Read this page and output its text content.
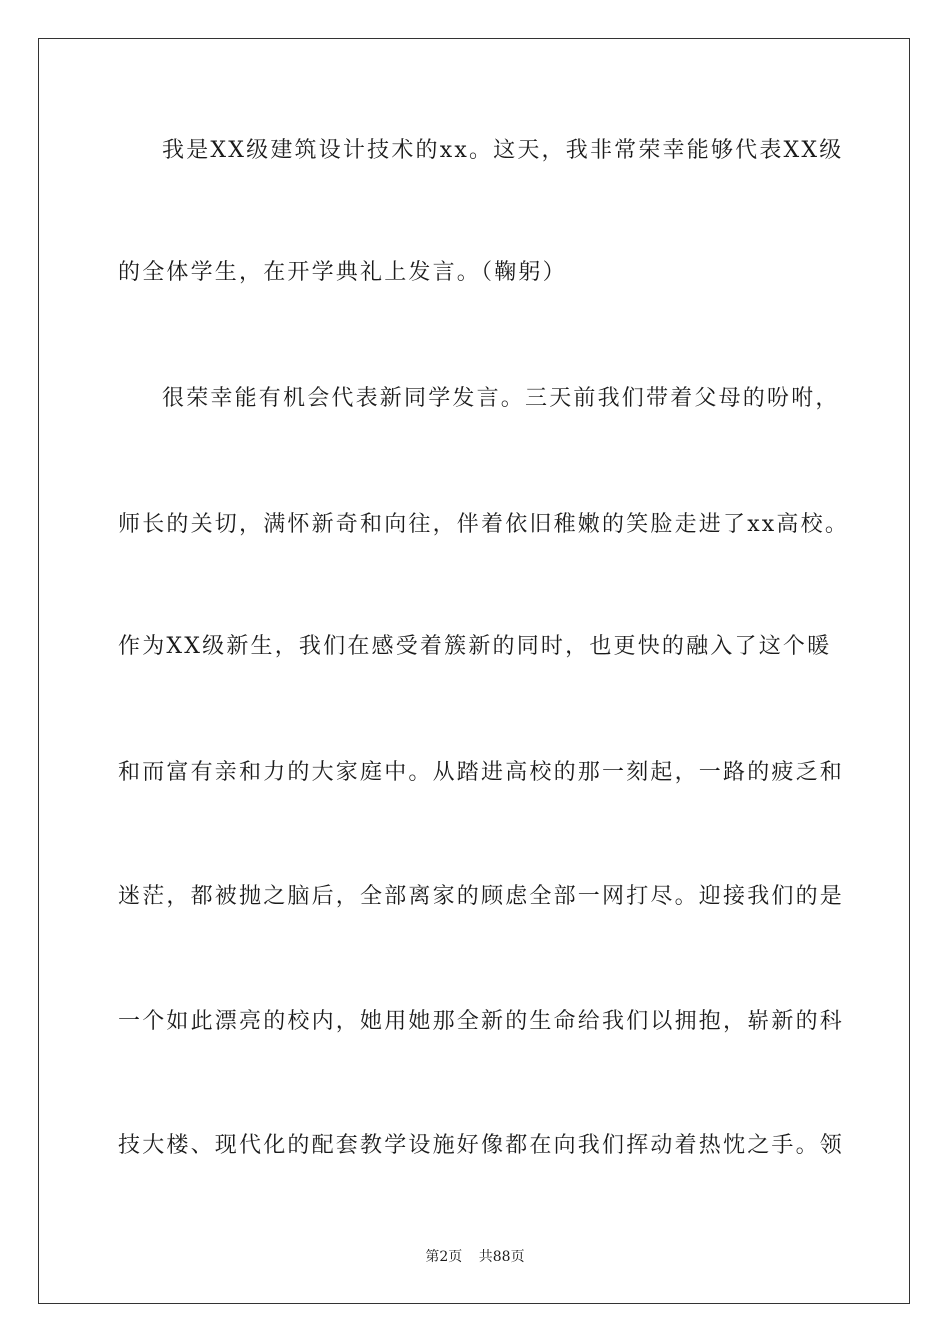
我是XX级建筑设计技术的xx。这天，我非常荣幸能够代表XX级
的全体学生，在开学典礼上发言。（鞠躬）
很荣幸能有机会代表新同学发言。三天前我们带着父母的吩咐，
师长的关切，满怀新奇和向往，伴着依旧稚嫩的笑脸走进了xx高校。
作为XX级新生，我们在感受着簇新的同时，也更快的融入了这个暖
和而富有亲和力的大家庭中。从踏进高校的那一刻起，一路的疲乏和
迷茫，都被抛之脑后，全部离家的顾虑全部一网打尽。迎接我们的是
一个如此漂亮的校内，她用她那全新的生命给我们以拥抱，崭新的科
技大楼、现代化的配套教学设施好像都在向我们挥动着热忱之手。领
第2页 共88页
